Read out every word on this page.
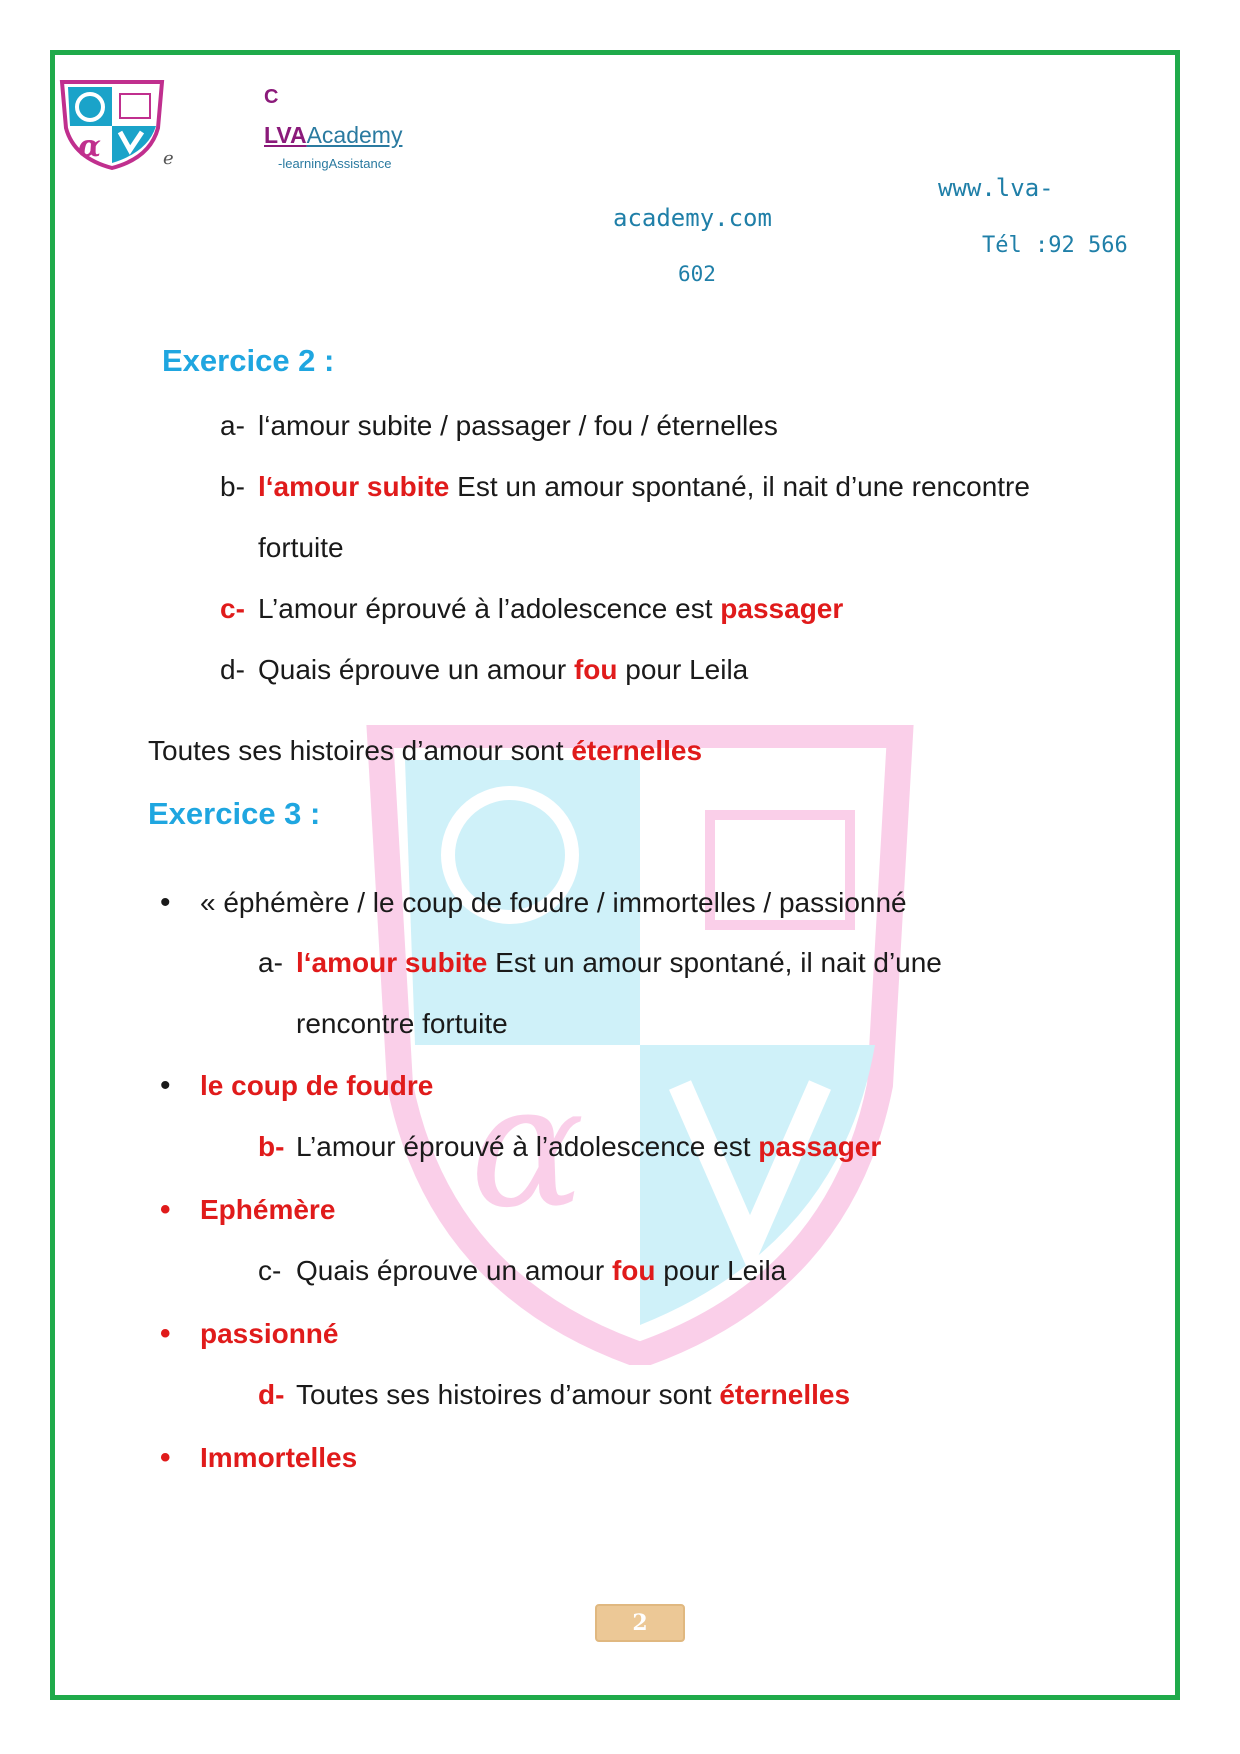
α
α	e
C
LVAAcademy
-learningAssistance
www.lva-
academy.com
Tél :92 566
602
Exercice 2 :
a- l‘amour subite / passager / fou / éternelles
b- l‘amour subite Est un amour spontané, il nait d’une rencontre
fortuite
c- L’amour éprouvé à l’adolescence est passager
d- Quais éprouve un amour fou pour Leila
Toutes ses histoires d’amour sont éternelles
Exercice 3 :
• « éphémère / le coup de foudre / immortelles / passionné
a- l‘amour subite Est un amour spontané, il nait d’une
rencontre fortuite
• le coup de foudre
b- L’amour éprouvé à l’adolescence est passager
• Ephémère
c- Quais éprouve un amour fou pour Leila
• passionné
d- Toutes ses histoires d’amour sont éternelles
• Immortelles
2
